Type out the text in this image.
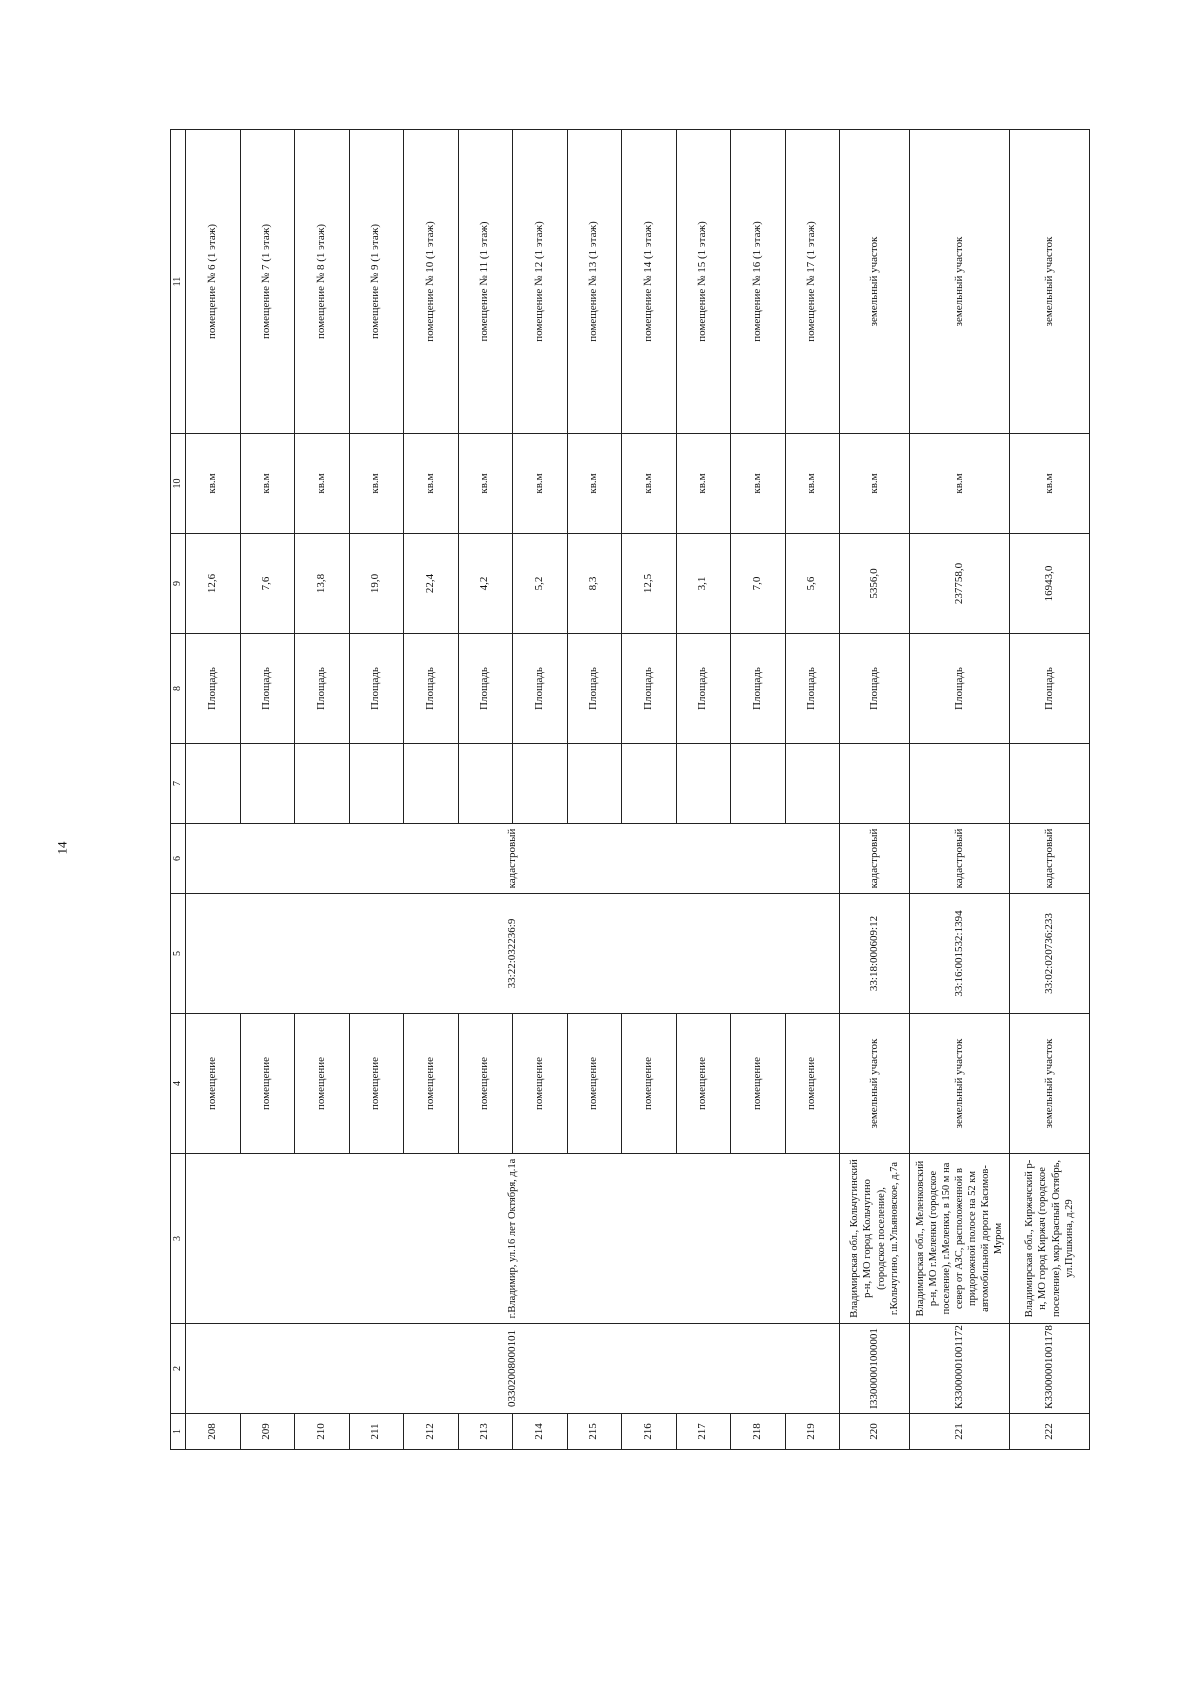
14
1	2	3	4	5	6	7	8	9	10	11
208	03302008000101	г.Владимир, ул.16 лет Октября, д.1а	помещение	33:22:032236:9	кадастровый		Площадь	12,6	кв.м	помещение № 6 (1 этаж)
209			помещение				Площадь	7,6	кв.м	помещение № 7 (1 этаж)
210			помещение				Площадь	13,8	кв.м	помещение № 8 (1 этаж)
211			помещение				Площадь	19,0	кв.м	помещение № 9 (1 этаж)
212			помещение				Площадь	22,4	кв.м	помещение № 10 (1 этаж)
213			помещение				Площадь	4,2	кв.м	помещение № 11 (1 этаж)
214			помещение				Площадь	5,2	кв.м	помещение № 12 (1 этаж)
215			помещение				Площадь	8,3	кв.м	помещение № 13 (1 этаж)
216			помещение				Площадь	12,5	кв.м	помещение № 14 (1 этаж)
217			помещение				Площадь	3,1	кв.м	помещение № 15 (1 этаж)
218			помещение				Площадь	7,0	кв.м	помещение № 16 (1 этаж)
219			помещение				Площадь	5,6	кв.м	помещение № 17 (1 этаж)
220	I33000001000001	Владимирская обл., Кольчугинский р-н, МО город Кольчугино (городское поселение), г.Кольчугино, ш.Ульяновское, д.7а	земельный участок	33:18:000609:12	кадастровый		Площадь	5356,0	кв.м	земельный участок
221	К33000001001172	Владимирская обл., Меленковский р-н, МО г.Меленки (городское поселение), г.Меленки, в 150 м на север от АЗС, расположенной в придорожной полосе на 52 км автомобильной дороги Касимов-Муром	земельный участок	33:16:001532:1394	кадастровый		Площадь	237758,0	кв.м	земельный участок
222	К33000001001178	Владимирская обл., Киржачский р-н, МО город Киржач (городское поселение), мкр.Красный Октябрь, ул.Пушкина, д.29	земельный участок	33:02:020736:233	кадастровый		Площадь	16943,0	кв.м	земельный участок
